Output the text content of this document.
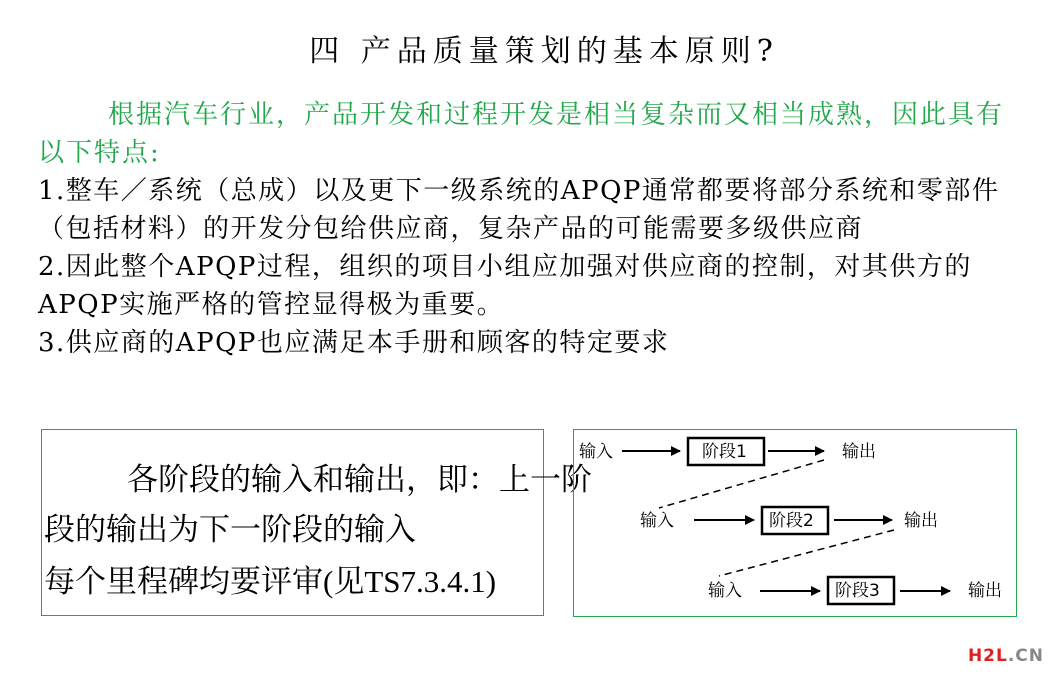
四 产品质量策划的基本原则?
根据汽车行业，产品开发和过程开发是相当复杂而又相当成熟，因此具有以下特点:

1.整车／系统（总成）以及更下一级系统的APQP通常都要将部分系统和零部件（包括材料）的开发分包给供应商，复杂产品的可能需要多级供应商

2.因此整个APQP过程，组织的项目小组应加强对供应商的控制，对其供方的APQP实施严格的管控显得极为重要。

3.供应商的APQP也应满足本手册和顾客的特定要求

各阶段的输入和输出，即：上一阶
段的输出为下一阶段的输入
每个里程碑均要评审(见TS7.3.4.1)
输入	阶段1	输出
输入	阶段2	输出
输入	阶段3	输出
H2L.CN
